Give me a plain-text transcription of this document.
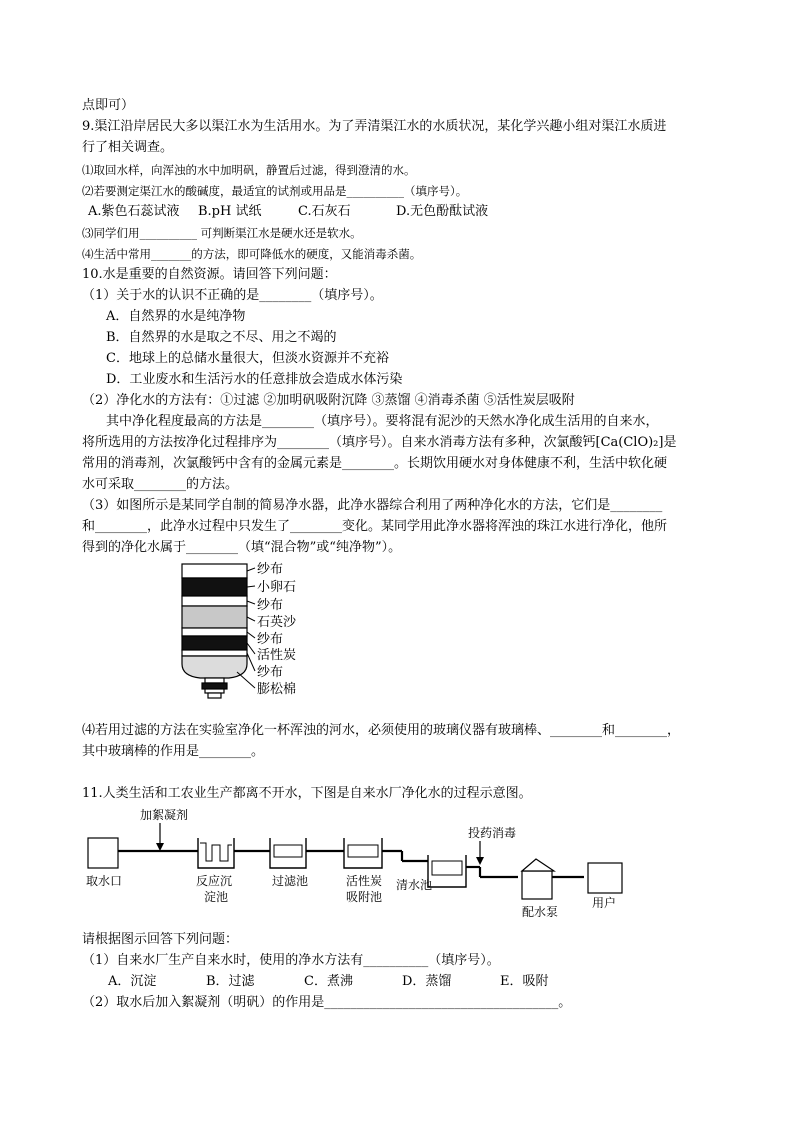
点即可）
9.渠江沿岸居民大多以渠江水为生活用水。为了弄清渠江水的水质状况，某化学兴趣小组对渠江水质进
行了相关调查。
⑴取回水样，向浑浊的水中加明矾，静置后过滤，得到澄清的水。
⑵若要测定渠江水的酸碱度，最适宜的试剂或用品是__________（填序号）。
A.紫色石蕊试液 B.pH 试纸	C.石灰石	D.无色酚酞试液
⑶同学们用__________ 可判断渠江水是硬水还是软水。
⑷生活中常用_______的方法，即可降低水的硬度，又能消毒杀菌。
10.水是重要的自然资源。请回答下列问题：
（1）关于水的认识不正确的是________（填序号）。
A．自然界的水是纯净物
B．自然界的水是取之不尽、用之不竭的
C．地球上的总储水量很大，但淡水资源并不充裕
D．工业废水和生活污水的任意排放会造成水体污染
（2）净化水的方法有：①过滤 ②加明矾吸附沉降 ③蒸馏 ④消毒杀菌 ⑤活性炭层吸附
其中净化程度最高的方法是________（填序号）。要将混有泥沙的天然水净化成生活用的自来水，
将所选用的方法按净化过程排序为________（填序号）。自来水消毒方法有多种，次氯酸钙[Ca(ClO)₂]是
常用的消毒剂，次氯酸钙中含有的金属元素是________。长期饮用硬水对身体健康不利，生活中软化硬
水可采取________的方法。
（3）如图所示是某同学自制的简易净水器，此净水器综合利用了两种净化水的方法，它们是________
和________，此净水过程中只发生了________变化。某同学用此净水器将浑浊的珠江水进行净化，他所
得到的净化水属于________（填“混合物”或“纯净物”）。
纱布
小卵石
纱布
石英沙
纱布
活性炭
纱布
膨松棉
⑷若用过滤的方法在实验室净化一杯浑浊的河水，必须使用的玻璃仪器有玻璃棒、________和________，
其中玻璃棒的作用是________。
11.人类生活和工农业生产都离不开水，下图是自来水厂净化水的过程示意图。
加絮凝剂
取水口	反应沉
淀池
过滤池	活性炭
吸附池
清水池
投药消毒
配水泵
用户
请根据图示回答下列问题：
（1）自来水厂生产自来水时，使用的净水方法有__________（填序号）。
A．沉淀	B．过滤	C．煮沸	D．蒸馏	E．吸附
（2）取水后加入絮凝剂（明矾）的作用是____________________________________。
